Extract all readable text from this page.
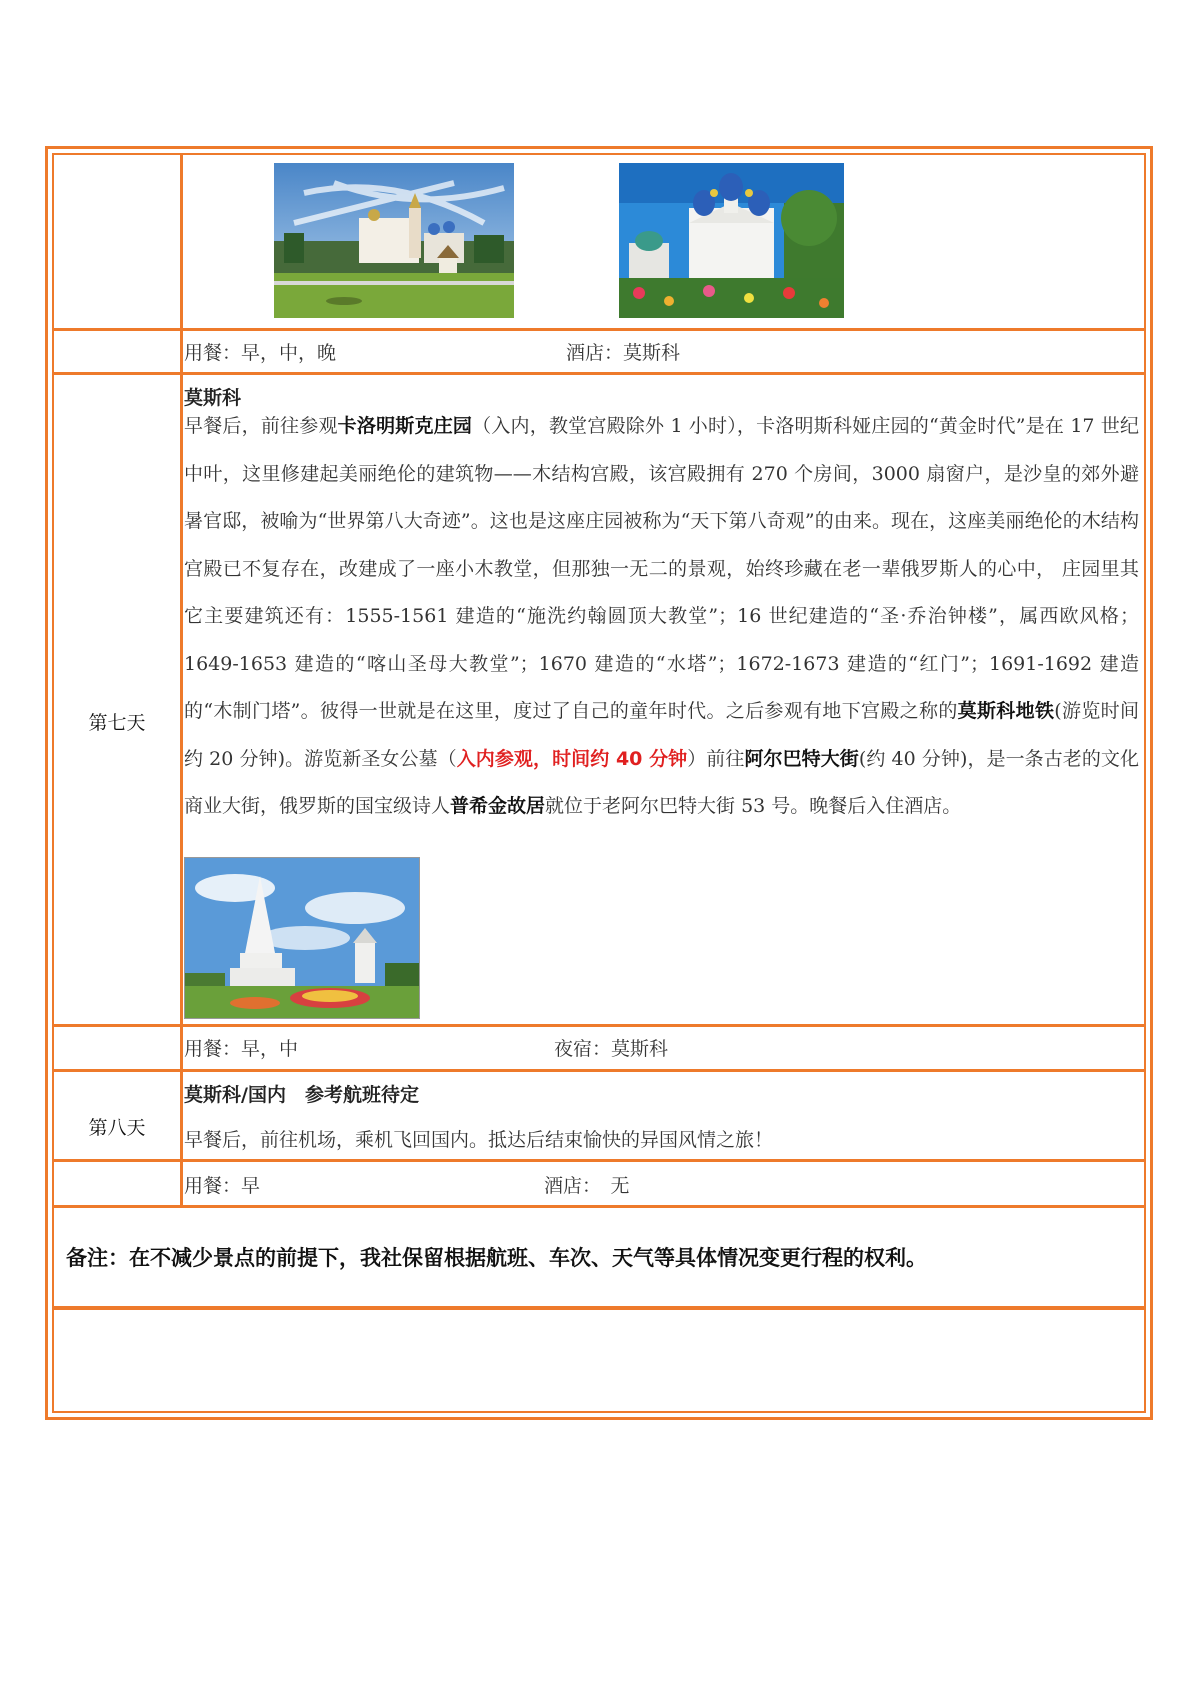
用餐：早，中，晚	酒店：莫斯科
第七天
莫斯科
早餐后，前往参观卡洛明斯克庄园（入内，教堂宫殿除外 1 小时），卡洛明斯科娅庄园的“黄金时代”是在 17 世纪中叶，这里修建起美丽绝伦的建筑物——木结构宫殿，该宫殿拥有 270 个房间，3000 扇窗户，是沙皇的郊外避暑官邸，被喻为“世界第八大奇迹”。这也是这座庄园被称为“天下第八奇观”的由来。现在，这座美丽绝伦的木结构宫殿已不复存在，改建成了一座小木教堂，但那独一无二的景观，始终珍藏在老一辈俄罗斯人的心中， 庄园里其它主要建筑还有：1555-1561 建造的“施洗约翰圆顶大教堂”；16 世纪建造的“圣·乔治钟楼”，属西欧风格；1649-1653 建造的“喀山圣母大教堂”；1670 建造的“水塔”；1672-1673 建造的“红门”；1691-1692 建造的“木制门塔”。彼得一世就是在这里，度过了自己的童年时代。之后参观有地下宫殿之称的莫斯科地铁(游览时间约 20 分钟)。游览新圣女公墓（入内参观，时间约 40 分钟）前往阿尔巴特大街(约 40 分钟)，是一条古老的文化商业大街，俄罗斯的国宝级诗人普希金故居就位于老阿尔巴特大街 53 号。晚餐后入住酒店。
用餐：早，中	夜宿：莫斯科
第八天
莫斯科/国内　参考航班待定
早餐后，前往机场，乘机飞回国内。抵达后结束愉快的异国风情之旅！
用餐：早	酒店：　无
备注：在不减少景点的前提下，我社保留根据航班、车次、天气等具体情况变更行程的权利。
